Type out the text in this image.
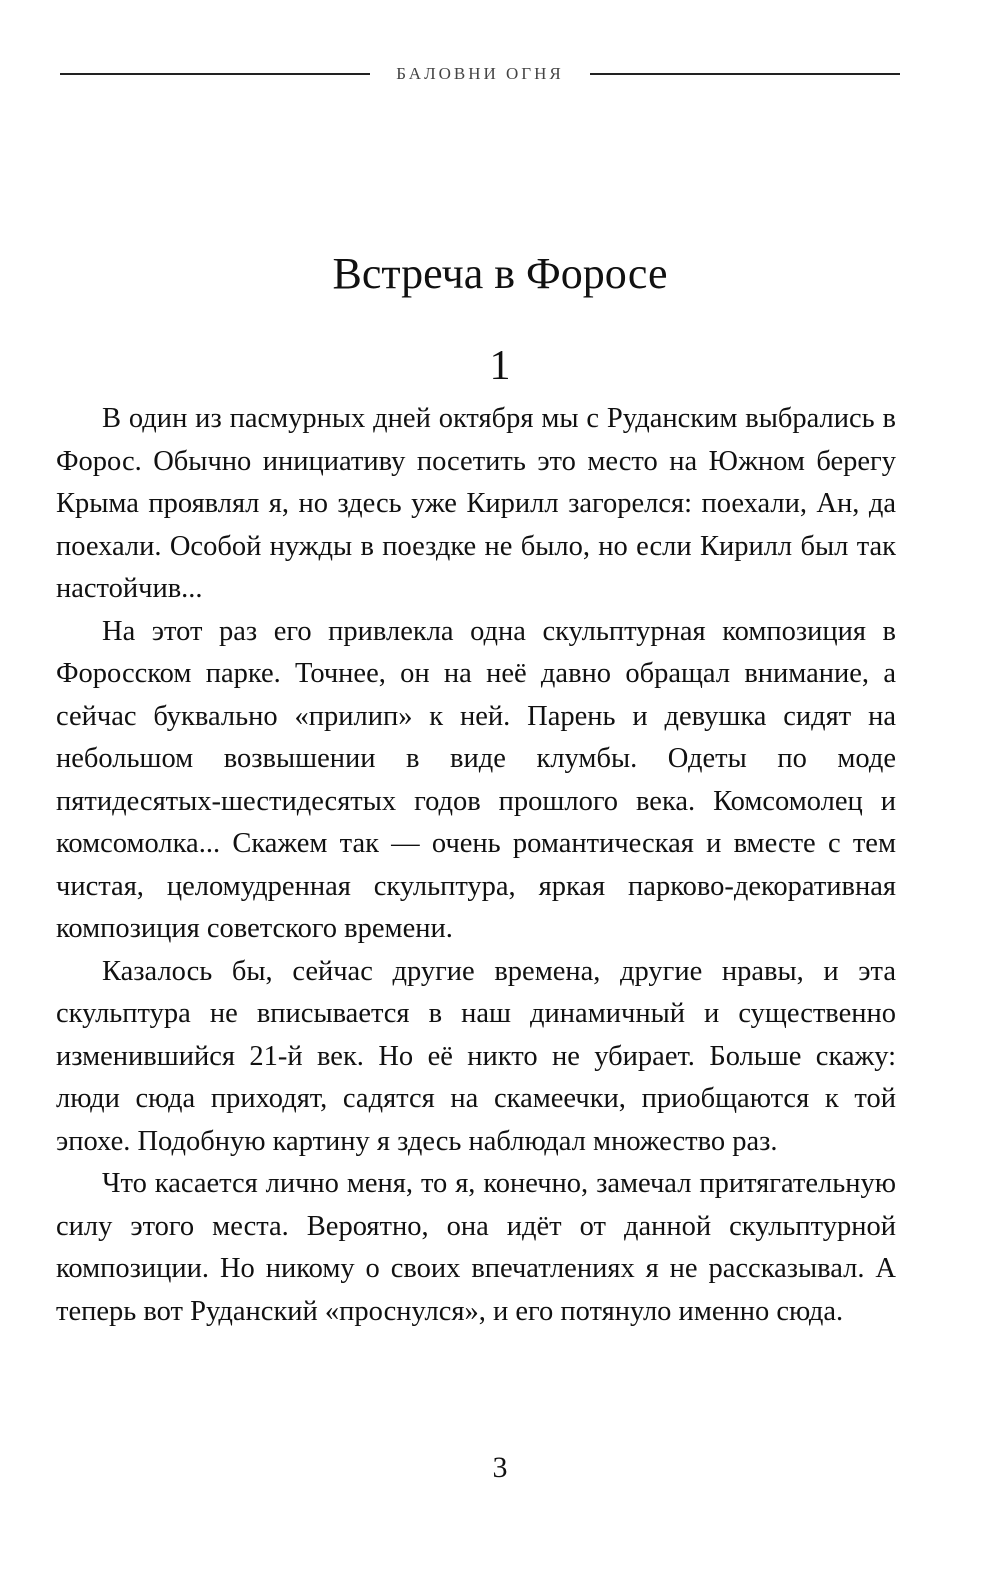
БАЛОВНИ ОГНЯ
Встреча в Форосе
1

В один из пасмурных дней октября мы с Руданским выбрались в Форос. Обычно инициативу посетить это место на Южном берегу Крыма проявлял я, но здесь уже Кирилл загорелся: поехали, Ан, да поехали. Особой нужды в поездке не было, но если Кирилл был так настойчив...

На этот раз его привлекла одна скульптурная композиция в Форосском парке. Точнее, он на неё давно обращал внимание, а сейчас буквально «прилип» к ней. Парень и девушка сидят на небольшом возвышении в виде клумбы. Одеты по моде пятидесятых-шестидесятых годов прошлого века. Комсомолец и комсомолка... Скажем так — очень романтическая и вместе с тем чистая, целомудренная скульптура, яркая парково-декоративная композиция советского времени.

Казалось бы, сейчас другие времена, другие нравы, и эта скульптура не вписывается в наш динамичный и существенно изменившийся 21-й век. Но её никто не убирает. Больше скажу: люди сюда приходят, садятся на скамеечки, приобщаются к той эпохе. Подобную картину я здесь наблюдал множество раз.

Что касается лично меня, то я, конечно, замечал притягательную силу этого места. Вероятно, она идёт от данной скульптурной композиции. Но никому о своих впечатлениях я не рассказывал. А теперь вот Руданский «проснулся», и его потянуло именно сюда.

3
